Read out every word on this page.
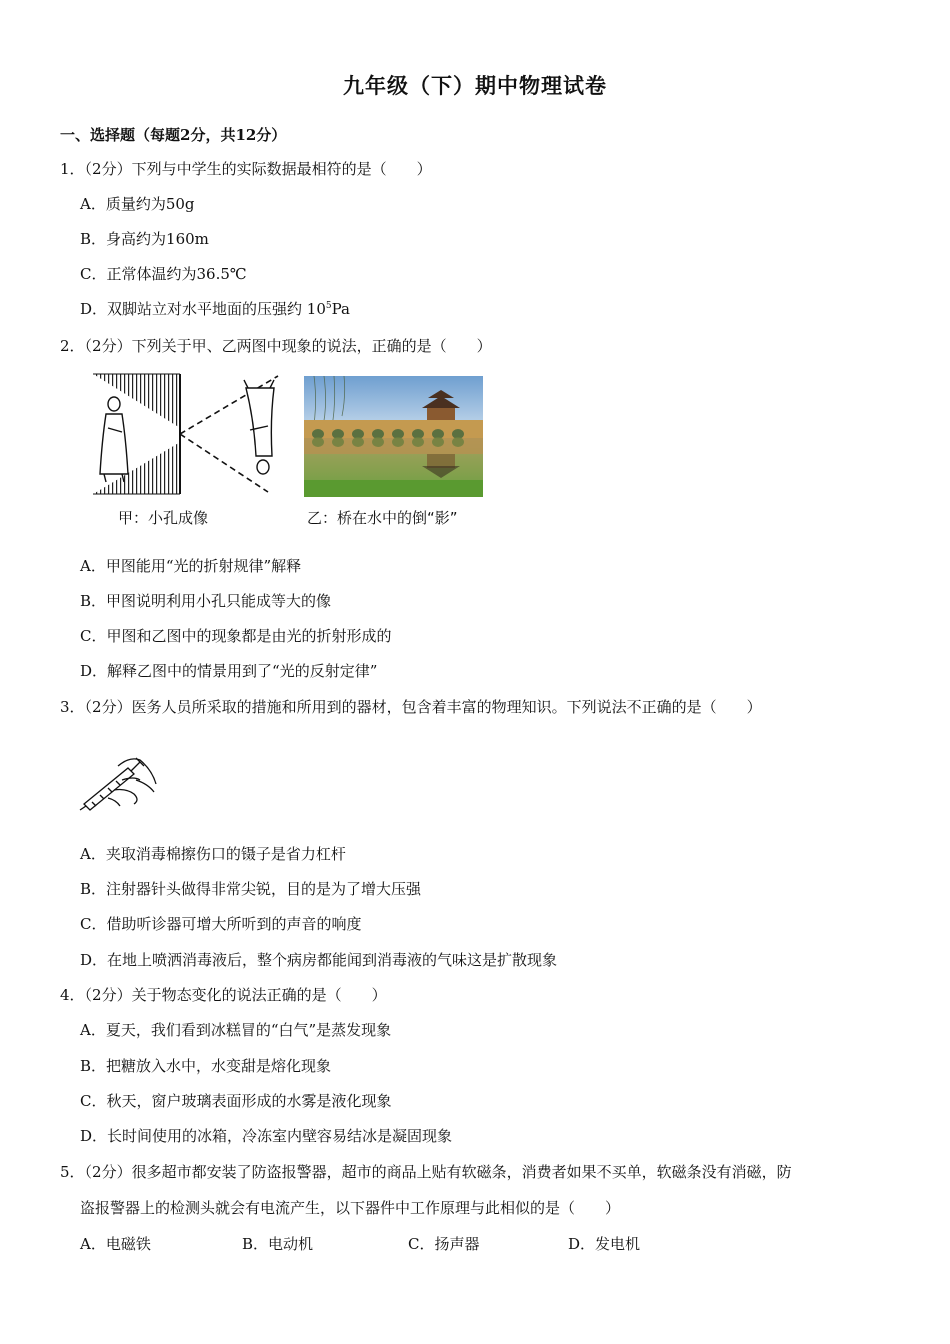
九年级（下）期中物理试卷
一、选择题（每题2分，共12分）
1．（2分）下列与中学生的实际数据最相符的是（　　）
A．质量约为50g
B．身高约为160m
C．正常体温约为36.5℃
D．双脚站立对水平地面的压强约 $10^5Pa$
2．（2分）下列关于甲、乙两图中现象的说法，正确的是（　　）
甲：小孔成像	乙：桥在水中的倒“影”
A．甲图能用“光的折射规律”解释
B．甲图说明利用小孔只能成等大的像
C．甲图和乙图中的现象都是由光的折射形成的
D．解释乙图中的情景用到了“光的反射定律”
3．（2分）医务人员所采取的措施和所用到的器材，包含着丰富的物理知识。下列说法不正确的是（　　）
A．夹取消毒棉擦伤口的镊子是省力杠杆
B．注射器针头做得非常尖锐，目的是为了增大压强
C．借助听诊器可增大所听到的声音的响度
D．在地上喷洒消毒液后，整个病房都能闻到消毒液的气味这是扩散现象
4．（2分）关于物态变化的说法正确的是（　　）
A．夏天，我们看到冰糕冒的“白气”是蒸发现象
B．把糖放入水中，水变甜是熔化现象
C．秋天，窗户玻璃表面形成的水雾是液化现象
D．长时间使用的冰箱，冷冻室内壁容易结冰是凝固现象
5．（2分）很多超市都安装了防盗报警器，超市的商品上贴有软磁条，消费者如果不买单，软磁条没有消磁，防
盗报警器上的检测头就会有电流产生，以下器件中工作原理与此相似的是（　　）
A．电磁铁	B．电动机	C．扬声器	D．发电机
